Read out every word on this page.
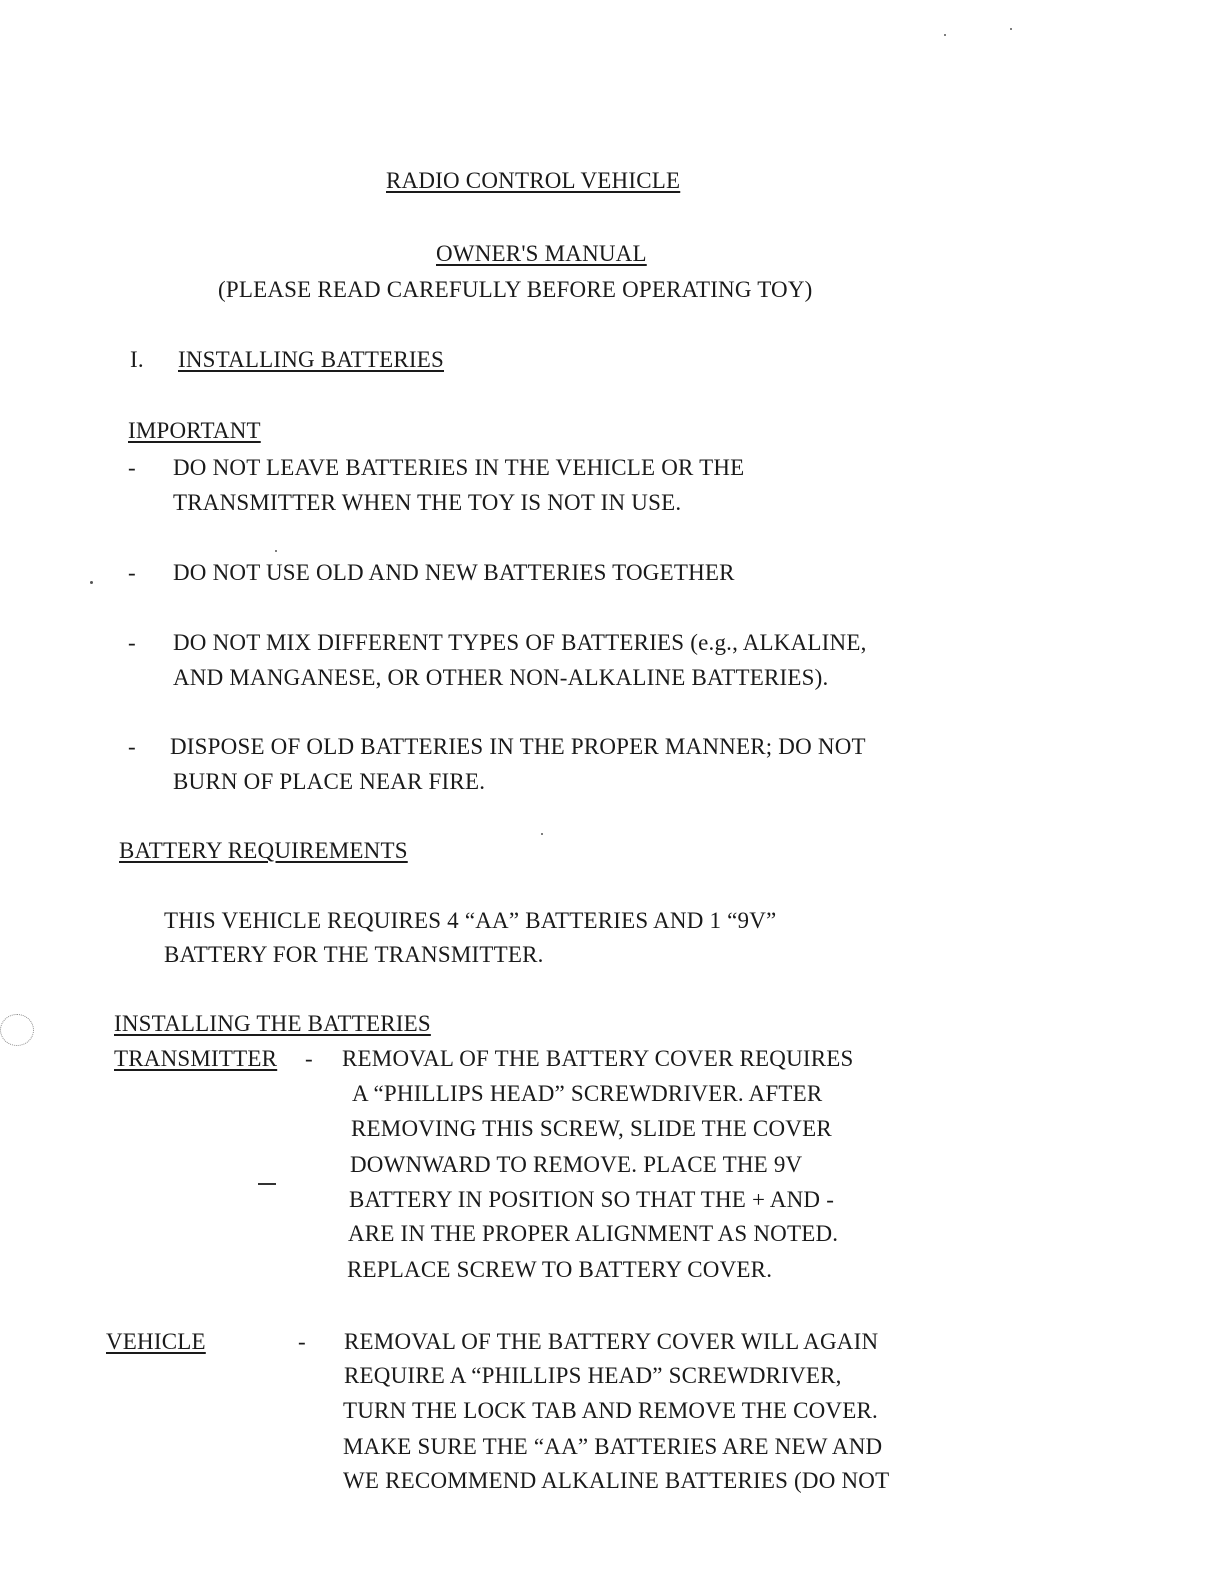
RADIO CONTROL VEHICLE
OWNER'S MANUAL
(PLEASE READ CAREFULLY BEFORE OPERATING TOY)
I. INSTALLING BATTERIES
IMPORTANT
- DO NOT LEAVE BATTERIES IN THE VEHICLE OR THE
TRANSMITTER WHEN THE TOY IS NOT IN USE.
- DO NOT USE OLD AND NEW BATTERIES TOGETHER
- DO NOT MIX DIFFERENT TYPES OF BATTERIES (e.g., ALKALINE,
AND MANGANESE, OR OTHER NON-ALKALINE BATTERIES).
- DISPOSE OF OLD BATTERIES IN THE PROPER MANNER; DO NOT
BURN OF PLACE NEAR FIRE.
BATTERY REQUIREMENTS
THIS VEHICLE REQUIRES 4 “AA” BATTERIES AND 1 “9V”
BATTERY FOR THE TRANSMITTER.
INSTALLING THE BATTERIES
TRANSMITTER - REMOVAL OF THE BATTERY COVER REQUIRES
A “PHILLIPS HEAD” SCREWDRIVER. AFTER
REMOVING THIS SCREW, SLIDE THE COVER
DOWNWARD TO REMOVE. PLACE THE 9V
BATTERY IN POSITION SO THAT THE + AND -
ARE IN THE PROPER ALIGNMENT AS NOTED.
REPLACE SCREW TO BATTERY COVER.
VEHICLE	- REMOVAL OF THE BATTERY COVER WILL AGAIN
REQUIRE A “PHILLIPS HEAD” SCREWDRIVER,
TURN THE LOCK TAB AND REMOVE THE COVER.
MAKE SURE THE “AA” BATTERIES ARE NEW AND
WE RECOMMEND ALKALINE BATTERIES (DO NOT
